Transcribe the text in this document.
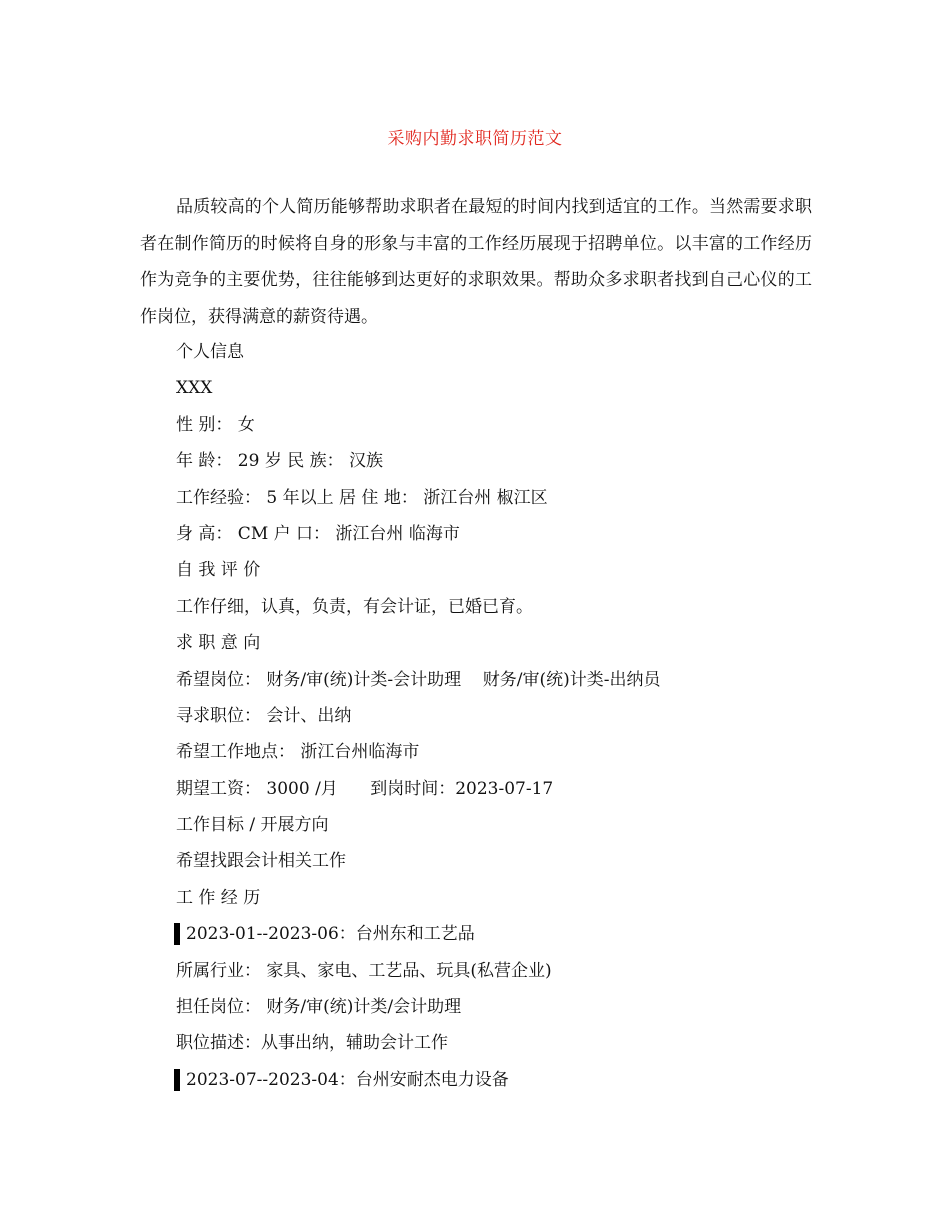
采购内勤求职简历范文

品质较高的个人简历能够帮助求职者在最短的时间内找到适宜的工作。当然需要求职者在制作简历的时候将自身的形象与丰富的工作经历展现于招聘单位。以丰富的工作经历作为竞争的主要优势，往往能够到达更好的求职效果。帮助众多求职者找到自己心仪的工作岗位，获得满意的薪资待遇。

个人信息
XXX
性 别： 女
年 龄： 29 岁 民 族： 汉族
工作经验： 5 年以上 居 住 地： 浙江台州 椒江区
身 高： CM 户 口： 浙江台州 临海市
自 我 评 价
工作仔细，认真，负责，有会计证，已婚已育。
求 职 意 向
希望岗位： 财务/审(统)计类-会计助理    财务/审(统)计类-出纳员
寻求职位： 会计、出纳
希望工作地点： 浙江台州临海市
期望工资： 3000 /月      到岗时间：2023-07-17
工作目标 / 开展方向
希望找跟会计相关工作
工 作 经 历
2023-01--2023-06：台州东和工艺品
所属行业： 家具、家电、工艺品、玩具(私营企业)
担任岗位： 财务/审(统)计类/会计助理
职位描述：从事出纳，辅助会计工作
2023-07--2023-04：台州安耐杰电力设备
